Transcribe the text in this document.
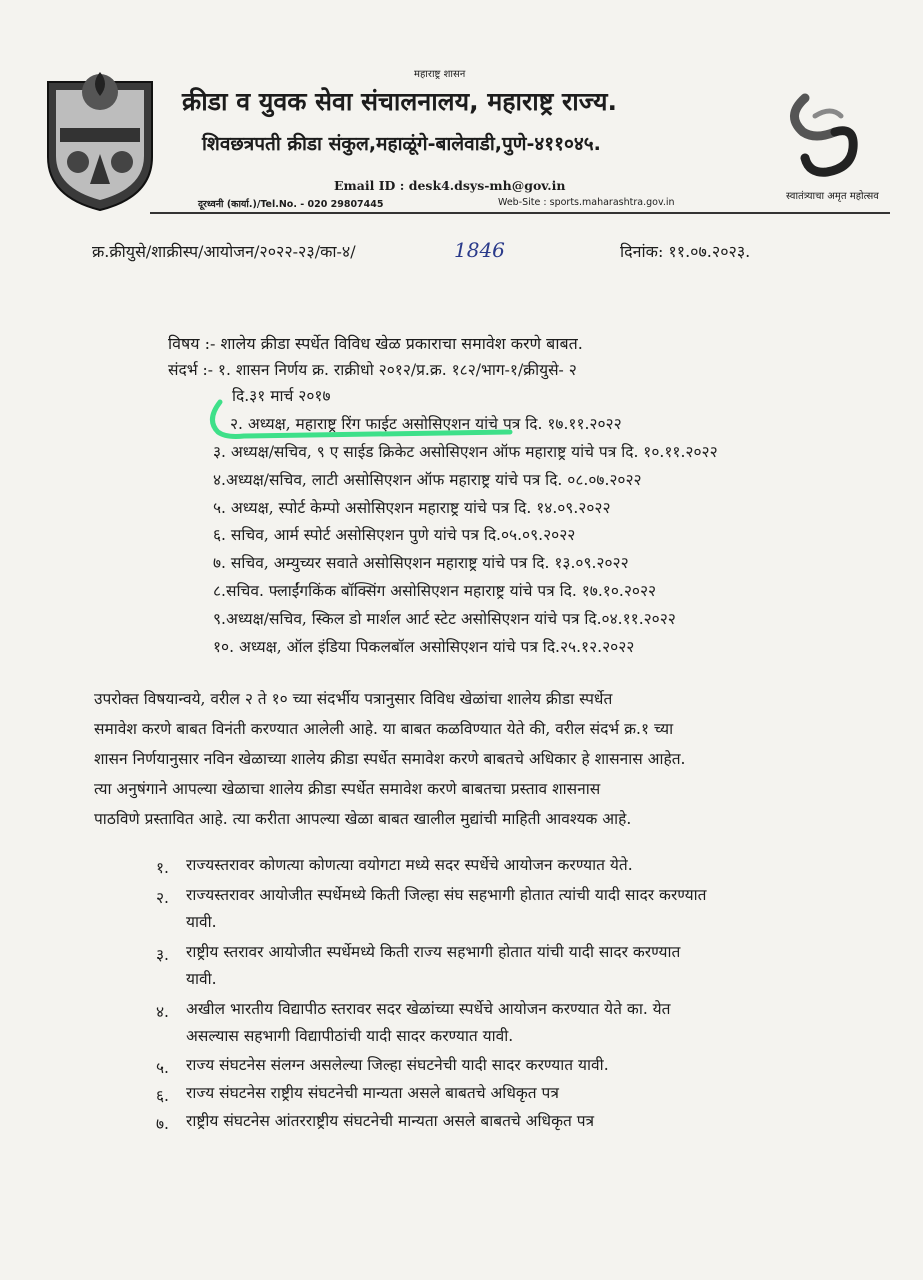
महाराष्ट्र शासन
क्रीडा व युवक सेवा संचालनालय, महाराष्ट्र राज्य.
शिवछत्रपती क्रीडा संकुल,महाळूंगे-बालेवाडी,पुणे-४११०४५.
Email ID : desk4.dsys-mh@gov.in
दूरध्वनी (कार्या.)/Tel.No. - 020 29807445	Web-Site : sports.maharashtra.gov.in
स्वातंत्र्याचा अमृत महोत्सव
क्र.क्रीयुसे/शाक्रीस्प/आयोजन/२०२२-२३/का-४/	1846	दिनांक: ११.०७.२०२३.
विषय :- शालेय क्रीडा स्पर्धेत विविध खेळ प्रकाराचा समावेश करणे बाबत.
संदर्भ :- १. शासन निर्णय क्र. राक्रीधो २०१२/प्र.क्र. १८२/भाग-१/क्रीयुसे- २
दि.३१ मार्च २०१७
२. अध्यक्ष, महाराष्ट्र रिंग फाईट असोसिएशन यांचे पत्र दि. १७.११.२०२२
३. अध्यक्ष/सचिव, ९ ए साईड क्रिकेट असोसिएशन ऑफ महाराष्ट्र यांचे पत्र दि. १०.११.२०२२
४.अध्यक्ष/सचिव, लाटी असोसिएशन ऑफ महाराष्ट्र यांचे पत्र दि. ०८.०७.२०२२
५. अध्यक्ष, स्पोर्ट केम्पो असोसिएशन महाराष्ट्र यांचे पत्र दि. १४.०९.२०२२
६. सचिव, आर्म स्पोर्ट असोसिएशन पुणे यांचे पत्र दि.०५.०९.२०२२
७. सचिव, अम्युच्यर सवाते असोसिएशन महाराष्ट्र यांचे पत्र दि. १३.०९.२०२२
८.सचिव. फ्लाईंगकिंक बॉक्सिंग असोसिएशन महाराष्ट्र यांचे पत्र दि. १७.१०.२०२२
९.अध्यक्ष/सचिव, स्किल डो मार्शल आर्ट स्टेट असोसिएशन यांचे पत्र दि.०४.११.२०२२
१०. अध्यक्ष, ऑल इंडिया पिकलबॉल असोसिएशन यांचे पत्र दि.२५.१२.२०२२
उपरोक्त विषयान्वये, वरील २ ते १० च्या संदर्भीय पत्रानुसार विविध खेळांचा शालेय क्रीडा स्पर्धेत
समावेश करणे बाबत विनंती करण्यात आलेली आहे. या बाबत कळविण्यात येते की, वरील संदर्भ क्र.१ च्या
शासन निर्णयानुसार नविन खेळाच्या शालेय क्रीडा स्पर्धेत समावेश करणे बाबतचे अधिकार हे शासनास आहेत.
त्या अनुषंगाने आपल्या खेळाचा शालेय क्रीडा स्पर्धेत समावेश करणे बाबतचा प्रस्ताव शासनास
पाठविणे प्रस्तावित आहे. त्या करीता आपल्या खेळा बाबत खालील मुद्यांची माहिती आवश्यक आहे.
१. राज्यस्तरावर कोणत्या कोणत्या वयोगटा मध्ये सदर स्पर्धेचे आयोजन करण्यात येते.
२. राज्यस्तरावर आयोजीत स्पर्धेमध्ये किती जिल्हा संघ सहभागी होतात त्यांची यादी सादर करण्यात
यावी.
३. राष्ट्रीय स्तरावर आयोजीत स्पर्धेमध्ये किती राज्य सहभागी होतात यांची यादी सादर करण्यात
यावी.
४. अखील भारतीय विद्यापीठ स्तरावर सदर खेळांच्या स्पर्धेचे आयोजन करण्यात येते का. येत
असल्यास सहभागी विद्यापीठांची यादी सादर करण्यात यावी.
५. राज्य संघटनेस संलग्न असलेल्या जिल्हा संघटनेची यादी सादर करण्यात यावी.
६. राज्य संघटनेस राष्ट्रीय संघटनेची मान्यता असले बाबतचे अधिकृत पत्र
७. राष्ट्रीय संघटनेस आंतरराष्ट्रीय संघटनेची मान्यता असले बाबतचे अधिकृत पत्र
